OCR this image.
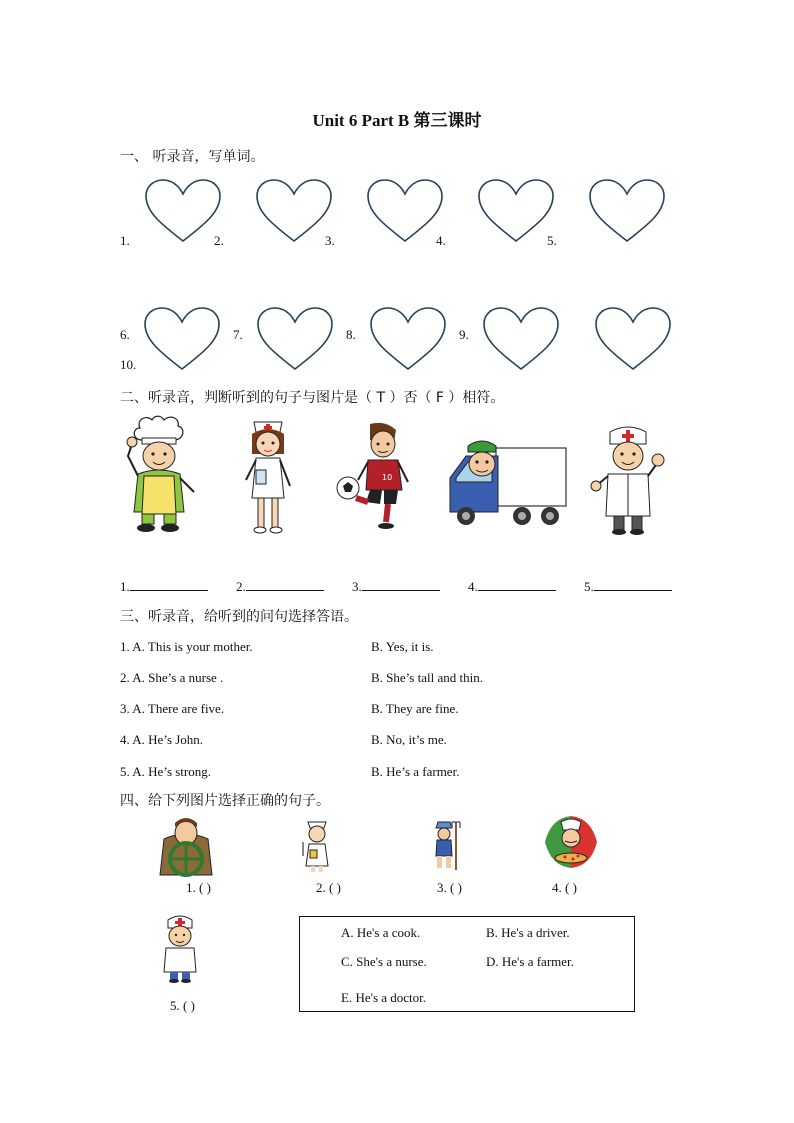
Unit 6 Part B 第三课时
一、 听录音，写单词。
1.	2.	3.	4.	5.
6.	7.	8.	9.
10.
二、听录音，判断听到的句子与图片是（ T ）否（ F ）相符。
10
1.	2.	3.	4.	5.
三、听录音，给听到的问句选择答语。
1. A. This is your mother.	B. Yes, it is.
2. A. She’s a nurse .	B. She’s tall and thin.
3. A. There are five.	B. They are fine.
4. A. He’s John.	B. No, it’s me.
5. A. He’s strong.	B. He’s a farmer.
四、给下列图片选择正确的句子。
1. ( )	2. ( )	3. ( )	4. ( )
5. ( )
A. He's a cook.	B. He's a driver.
C. She's a nurse.	D. He's a farmer.
E. He's a doctor.
